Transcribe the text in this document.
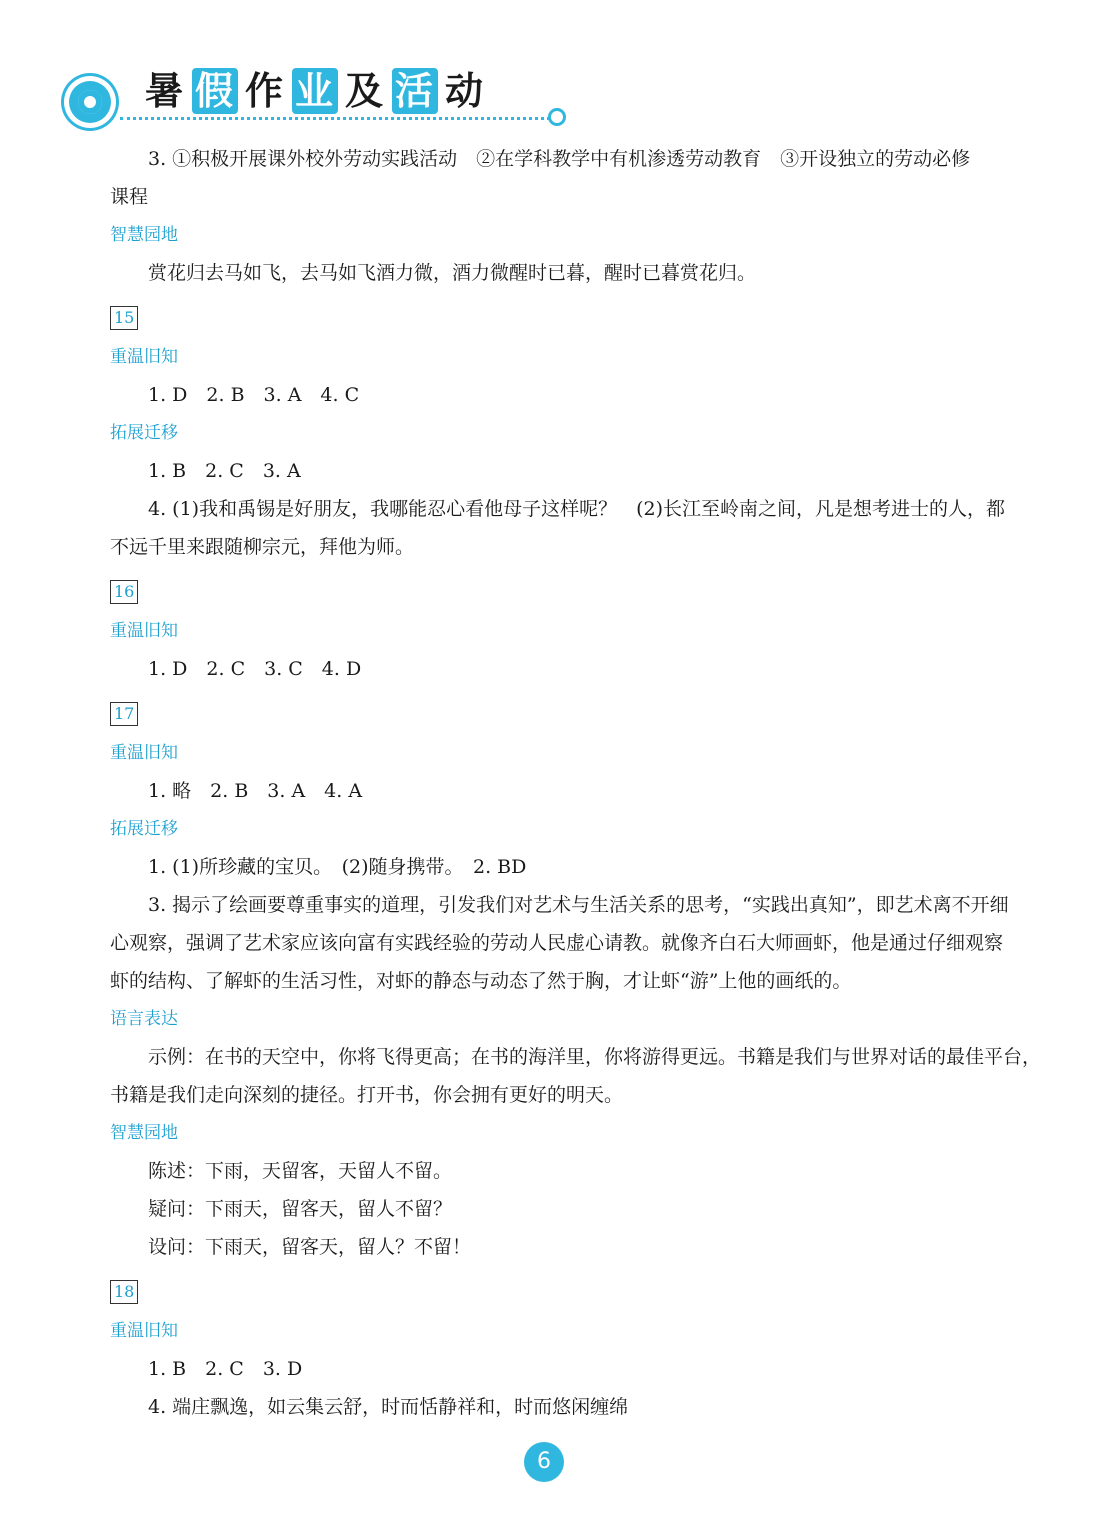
暑 假 作 业 及 活 动
3. ①积极开展课外校外劳动实践活动　②在学科教学中有机渗透劳动教育　③开设独立的劳动必修
课程
智慧园地
赏花归去马如飞，去马如飞酒力微，酒力微醒时已暮，醒时已暮赏花归。
15
重温旧知
1. D　2. B　3. A　4. C
拓展迁移
1. B　2. C　3. A
4. (1)我和禹锡是好朋友，我哪能忍心看他母子这样呢？　(2)长江至岭南之间，凡是想考进士的人，都
不远千里来跟随柳宗元，拜他为师。
16
重温旧知
1. D　2. C　3. C　4. D
17
重温旧知
1. 略　2. B　3. A　4. A
拓展迁移
1. (1)所珍藏的宝贝。　(2)随身携带。　2. BD
3. 揭示了绘画要尊重事实的道理，引发我们对艺术与生活关系的思考，“实践出真知”，即艺术离不开细
心观察，强调了艺术家应该向富有实践经验的劳动人民虚心请教。就像齐白石大师画虾，他是通过仔细观察
虾的结构、了解虾的生活习性，对虾的静态与动态了然于胸，才让虾“游”上他的画纸的。
语言表达
示例：在书的天空中，你将飞得更高；在书的海洋里，你将游得更远。书籍是我们与世界对话的最佳平台，
书籍是我们走向深刻的捷径。打开书，你会拥有更好的明天。
智慧园地
陈述：下雨，天留客，天留人不留。
疑问：下雨天，留客天，留人不留？
设问：下雨天，留客天，留人？不留！
18
重温旧知
1. B　2. C　3. D
4. 端庄飘逸，如云集云舒，时而恬静祥和，时而悠闲缠绵
6
